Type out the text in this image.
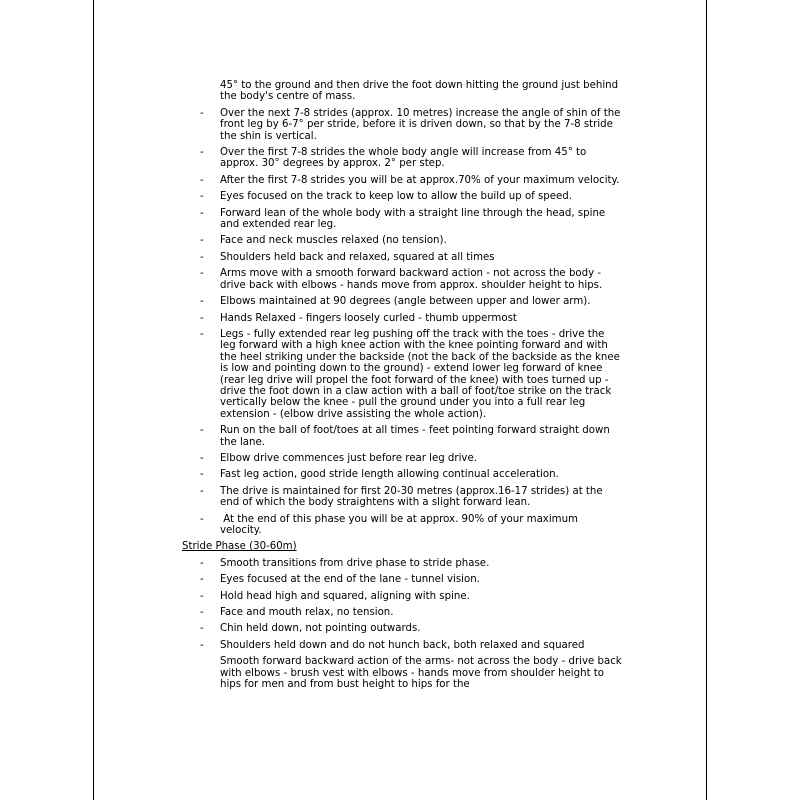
45° to the ground and then drive the foot down hitting the ground just behind the body's centre of mass.
- Over the next 7-8 strides (approx. 10 metres) increase the angle of shin of the front leg by 6-7° per stride, before it is driven down, so that by the 7-8 stride the shin is vertical.
- Over the first 7-8 strides the whole body angle will increase from 45° to approx. 30° degrees by approx. 2° per step.
- After the first 7-8 strides you will be at approx.70% of your maximum velocity.
- Eyes focused on the track to keep low to allow the build up of speed.
- Forward lean of the whole body with a straight line through the head, spine and extended rear leg.
- Face and neck muscles relaxed (no tension).
- Shoulders held back and relaxed, squared at all times
- Arms move with a smooth forward backward action - not across the body - drive back with elbows - hands move from approx. shoulder height to hips.
- Elbows maintained at 90 degrees (angle between upper and lower arm).
- Hands Relaxed - fingers loosely curled - thumb uppermost
- Legs - fully extended rear leg pushing off the track with the toes - drive the leg forward with a high knee action with the knee pointing forward and with the heel striking under the backside (not the back of the backside as the knee is low and pointing down to the ground) - extend lower leg forward of knee (rear leg drive will propel the foot forward of the knee) with toes turned up - drive the foot down in a claw action with a ball of foot/toe strike on the track vertically below the knee - pull the ground under you into a full rear leg extension - (elbow drive assisting the whole action).
- Run on the ball of foot/toes at all times - feet pointing forward straight down the lane.
- Elbow drive commences just before rear leg drive.
- Fast leg action, good stride length allowing continual acceleration.
- The drive is maintained for first 20-30 metres (approx.16-17 strides) at the end of which the body straightens with a slight forward lean.
- At the end of this phase you will be at approx. 90% of your maximum velocity.
Stride Phase (30-60m)
- Smooth transitions from drive phase to stride phase.
- Eyes focused at the end of the lane - tunnel vision.
- Hold head high and squared, aligning with spine.
- Face and mouth relax, no tension.
- Chin held down, not pointing outwards.
- Shoulders held down and do not hunch back, both relaxed and squared
Smooth forward backward action of the arms- not across the body - drive back with elbows - brush vest with elbows - hands move from shoulder height to hips for men and from bust height to hips for the
